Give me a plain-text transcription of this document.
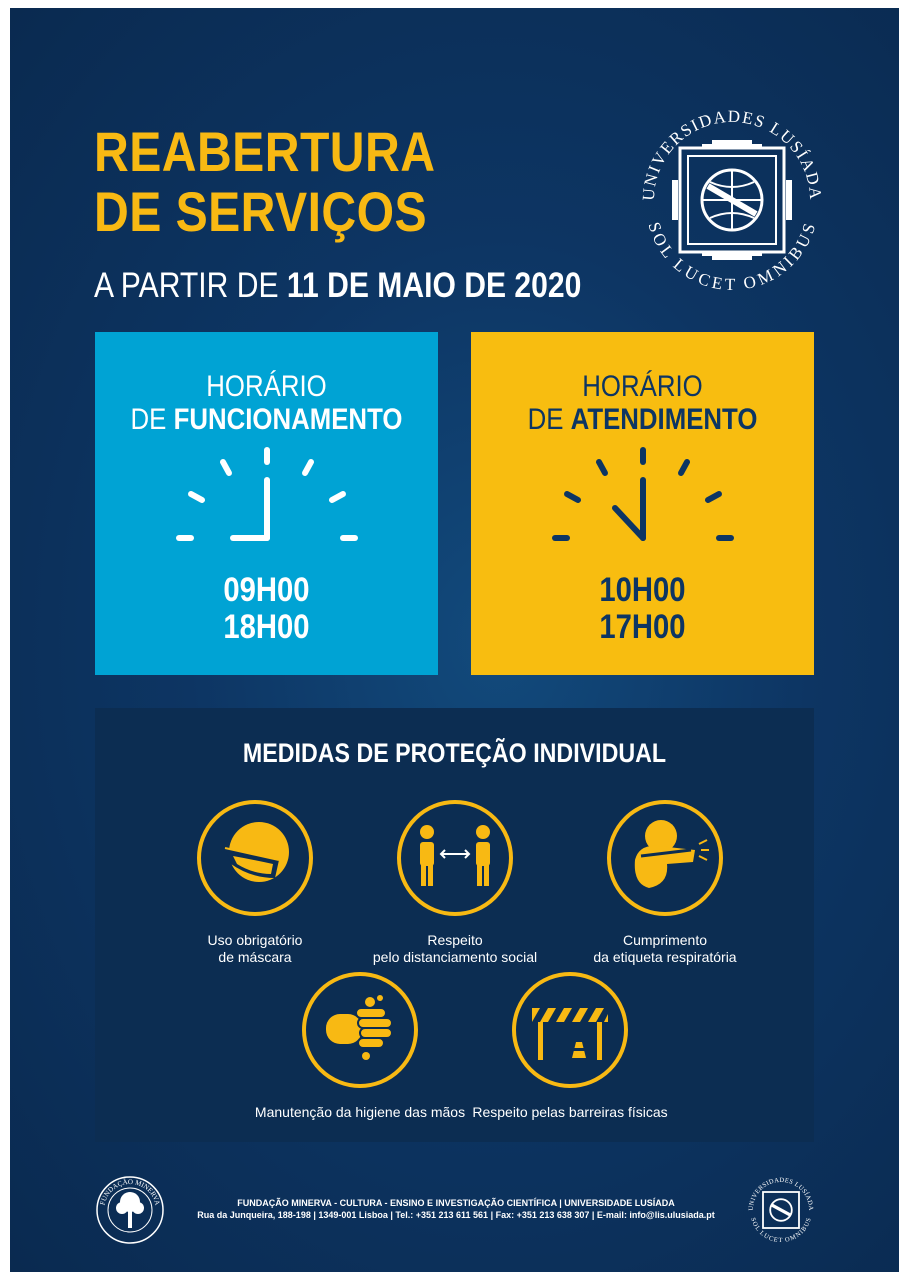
REABERTURA
DE SERVIÇOS
A PARTIR DE 11 DE MAIO DE 2020
UNIVERSIDADES LUSÍADA
SOL LUCET OMNIBUS
HORÁRIO
DE FUNCIONAMENTO
09H00
18H00
HORÁRIO
DE ATENDIMENTO
10H00
17H00
MEDIDAS DE PROTEÇÃO INDIVIDUAL
Uso obrigatório
de máscara
Respeito
pelo distanciamento social
Cumprimento
da etiqueta respiratória
Manutenção da higiene das mãos Respeito pelas barreiras físicas
FUNDAÇÃO MINERVA	FUNDAÇÃO MINERVA - CULTURA - ENSINO E INVESTIGAÇÃO CIENTÍFICA | UNIVERSIDADE LUSÍADA
Rua da Junqueira, 188-198 | 1349-001 Lisboa | Tel.: +351 213 611 561 | Fax: +351 213 638 307 | E-mail: info@lis.ulusiada.pt
UNIVERSIDADES LUSÍADA
SOL LUCET OMNIBUS
